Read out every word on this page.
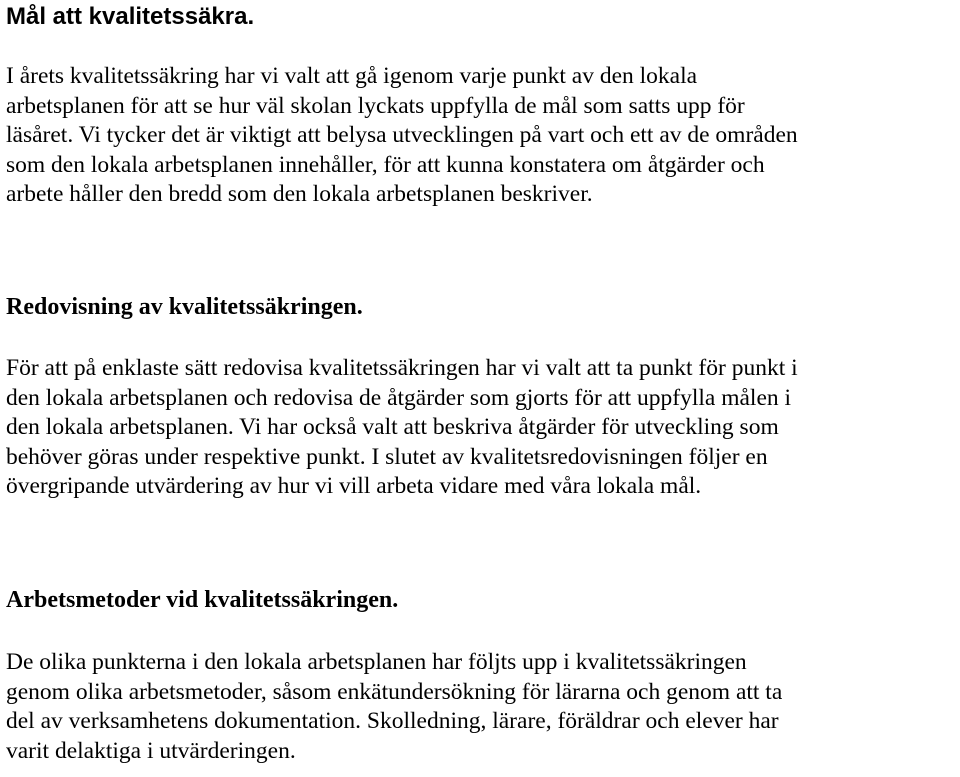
Mål att kvalitetssäkra.
I årets kvalitetssäkring har vi valt att gå igenom varje punkt av den lokala
arbetsplanen för att se hur väl skolan lyckats uppfylla de mål som satts upp för
läsåret. Vi tycker det är viktigt att belysa utvecklingen på vart och ett av de områden
som den lokala arbetsplanen innehåller, för att kunna konstatera om åtgärder och
arbete håller den bredd som den lokala arbetsplanen beskriver.
Redovisning av kvalitetssäkringen.
För att på enklaste sätt redovisa kvalitetssäkringen har vi valt att ta punkt för punkt i
den lokala arbetsplanen och redovisa de åtgärder som gjorts för att uppfylla målen i
den lokala arbetsplanen. Vi har också valt att beskriva åtgärder för utveckling som
behöver göras under respektive punkt. I slutet av kvalitetsredovisningen följer en
övergripande utvärdering av hur vi vill arbeta vidare med våra lokala mål.
Arbetsmetoder vid kvalitetssäkringen.
De olika punkterna i den lokala arbetsplanen har följts upp i kvalitetssäkringen
genom olika arbetsmetoder, såsom enkätundersökning för lärarna och genom att ta
del av verksamhetens dokumentation. Skolledning, lärare, föräldrar och elever har
varit delaktiga i utvärderingen.
